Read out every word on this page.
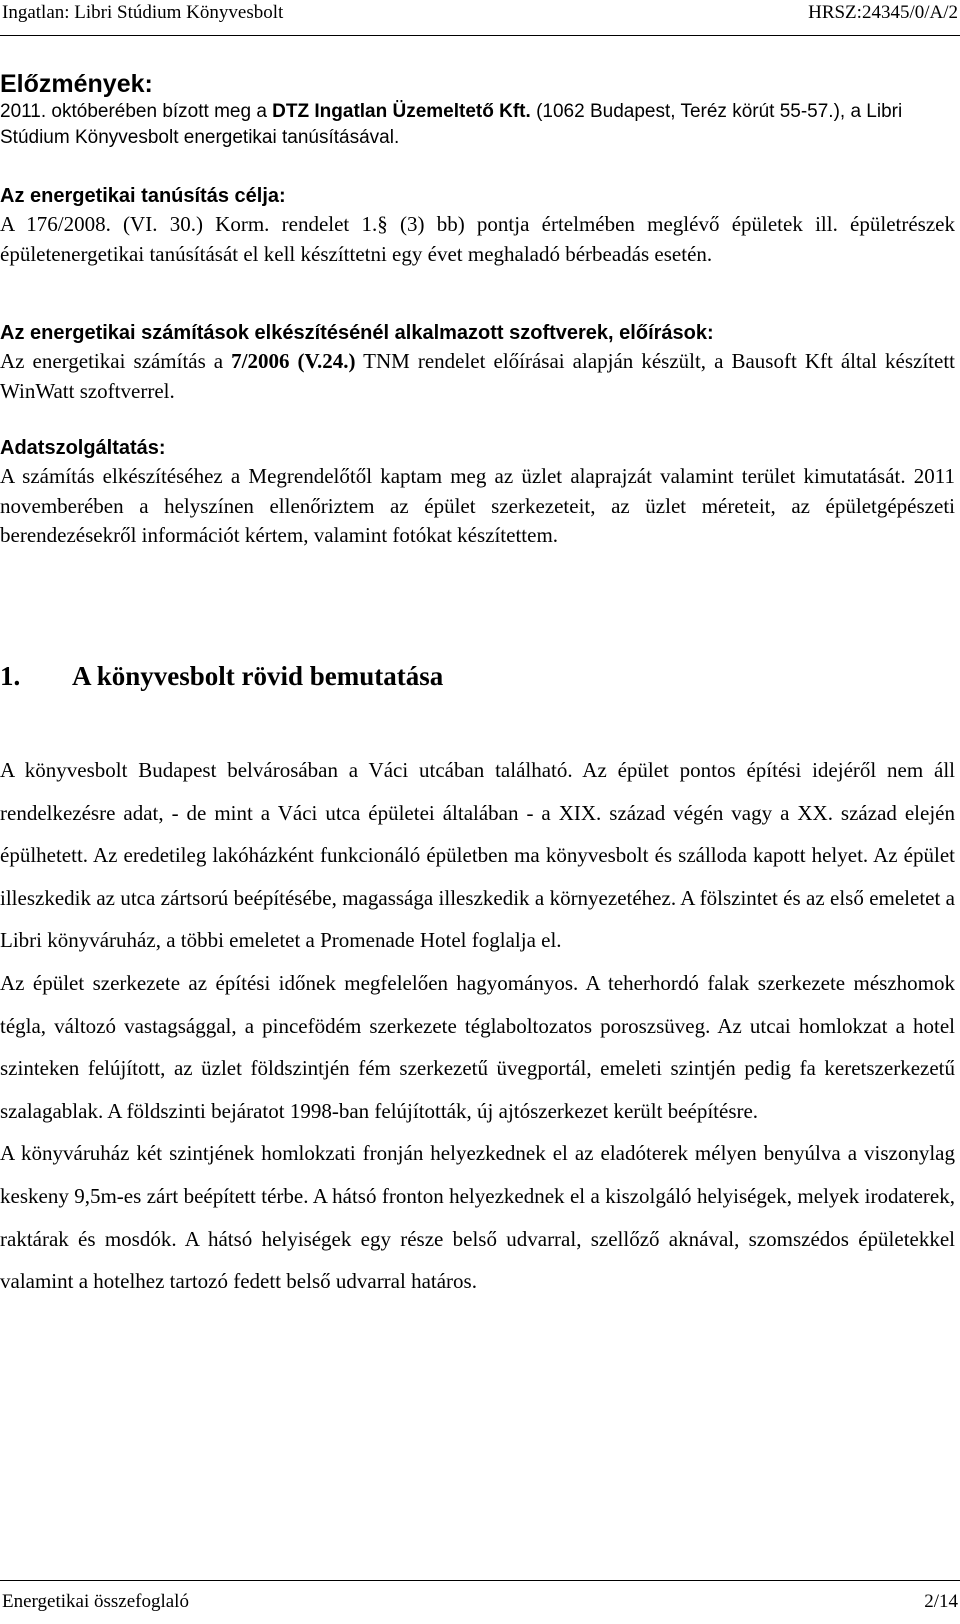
Ingatlan: Libri Stúdium Könyvesbolt	HRSZ:24345/0/A/2
Előzmények:

2011. októberében bízott meg a DTZ Ingatlan Üzemeltető Kft. (1062 Budapest, Teréz körút 55-57.), a Libri Stúdium Könyvesbolt energetikai tanúsításával.

Az energetikai tanúsítás célja:

A 176/2008. (VI. 30.) Korm. rendelet 1.§ (3) bb) pontja értelmében meglévő épületek ill. épületrészek épületenergetikai tanúsítását el kell készíttetni egy évet meghaladó bérbeadás esetén.

Az energetikai számítások elkészítésénél alkalmazott szoftverek, előírások:

Az energetikai számítás a 7/2006 (V.24.) TNM rendelet előírásai alapján készült, a Bausoft Kft által készített WinWatt szoftverrel.

Adatszolgáltatás:

A számítás elkészítéséhez a Megrendelőtől kaptam meg az üzlet alaprajzát valamint terület kimutatását. 2011 novemberében a helyszínen ellenőriztem az épület szerkezeteit, az üzlet méreteit, az épületgépészeti berendezésekről információt kértem, valamint fotókat készítettem.

1. A könyvesbolt rövid bemutatása

A könyvesbolt Budapest belvárosában a Váci utcában található. Az épület pontos építési idejéről nem áll rendelkezésre adat, - de mint a Váci utca épületei általában - a XIX. század végén vagy a XX. század elején épülhetett. Az eredetileg lakóházként funkcionáló épületben ma könyvesbolt és szálloda kapott helyet. Az épület illeszkedik az utca zártsorú beépítésébe, magassága illeszkedik a környezetéhez. A fölszintet és az első emeletet a Libri könyváruház, a többi emeletet a Promenade Hotel foglalja el.

Az épület szerkezete az építési időnek megfelelően hagyományos. A teherhordó falak szerkezete mészhomok tégla, változó vastagsággal, a pincefödém szerkezete téglaboltozatos poroszsüveg. Az utcai homlokzat a hotel szinteken felújított, az üzlet földszintjén fém szerkezetű üvegportál, emeleti szintjén pedig fa keretszerkezetű szalagablak. A földszinti bejáratot 1998-ban felújították, új ajtószerkezet került beépítésre.

A könyváruház két szintjének homlokzati fronján helyezkednek el az eladóterek mélyen benyúlva a viszonylag keskeny 9,5m-es zárt beépített térbe. A hátsó fronton helyezkednek el a kiszolgáló helyiségek, melyek irodaterek, raktárak és mosdók. A hátsó helyiségek egy része belső udvarral, szellőző aknával, szomszédos épületekkel valamint a hotelhez tartozó fedett belső udvarral határos.

Energetikai összefoglaló	2/14
